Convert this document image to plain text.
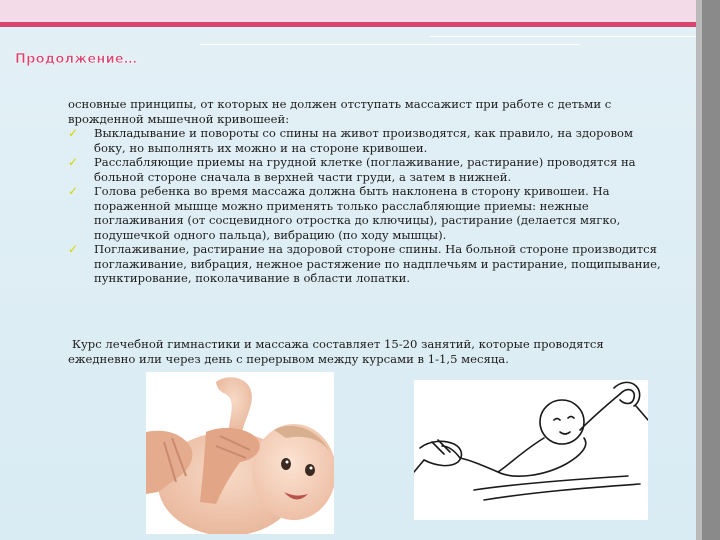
Продолжение…

основные принципы, от которых не должен отступать массажист при работе с детьми с врожденной мышечной кривошеей:

✓ Выкладывание и повороты со спины на живот производятся, как правило, на здоровом боку, но выполнять их можно и на стороне кривошеи.
✓ Расслабляющие приемы на грудной клетке (поглаживание, растирание) проводятся на больной стороне сначала в верхней части груди, а затем в нижней.
✓ Голова ребенка во время массажа должна быть наклонена в сторону кривошеи. На пораженной мышце можно применять только расслабляющие приемы: нежные поглаживания (от сосцевидного отростка до ключицы), растирание (делается мягко, подушечкой одного пальца), вибрацию (по ходу мышцы).
✓ Поглаживание, растирание на здоровой стороне спины. На больной стороне производится поглаживание, вибрация, нежное растяжение по надплечьям и растирание, пощипывание, пунктирование, поколачивание в области лопатки.
Курс лечебной гимнастики и массажа составляет 15-20 занятий, которые проводятся ежедневно или через день с перерывом между курсами в 1-1,5 месяца.
